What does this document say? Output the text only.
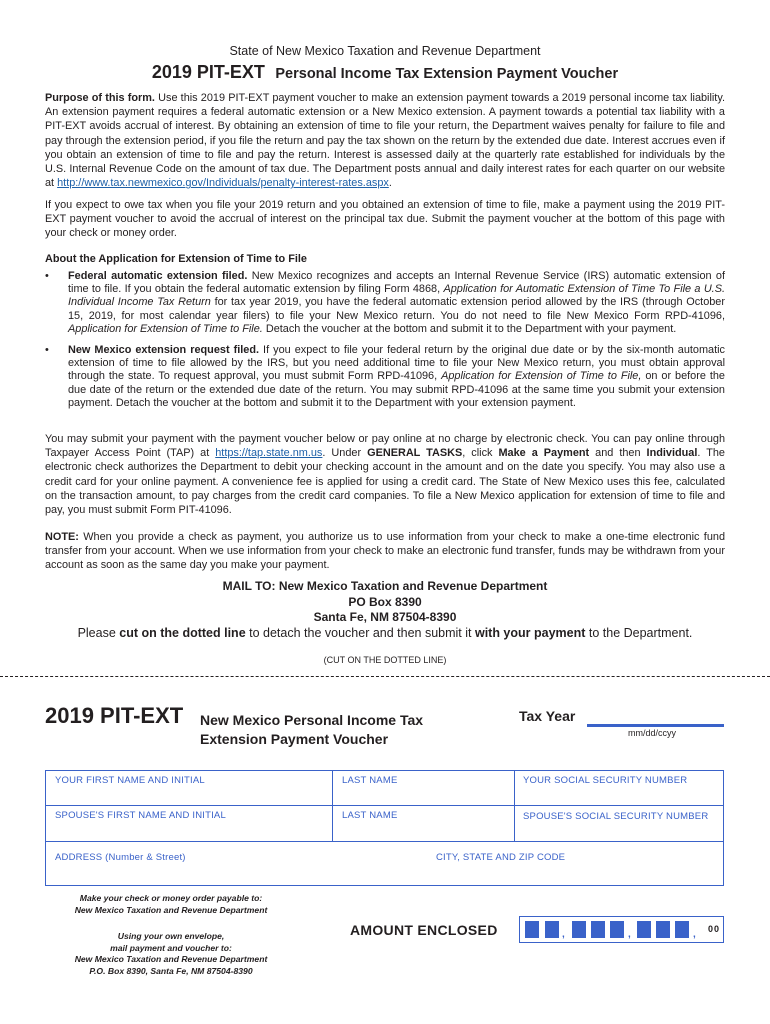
State of New Mexico Taxation and Revenue Department
2019 PIT-EXT Personal Income Tax Extension Payment Voucher
Purpose of this form. Use this 2019 PIT-EXT payment voucher to make an extension payment towards a 2019 personal income tax liability. An extension payment requires a federal automatic extension or a New Mexico extension. A payment towards a potential tax liability with a PIT-EXT avoids accrual of interest. By obtaining an extension of time to file your return, the Department waives penalty for failure to file and pay through the extension period, if you file the return and pay the tax shown on the return by the extended due date. Interest accrues even if you obtain an extension of time to file and pay the return. Interest is assessed daily at the quarterly rate established for individuals by the U.S. Internal Revenue Code on the amount of tax due. The Department posts annual and daily interest rates for each quarter on our website at http://www.tax.newmexico.gov/Individuals/penalty-interest-rates.aspx.
If you expect to owe tax when you file your 2019 return and you obtained an extension of time to file, make a payment using the 2019 PIT-EXT payment voucher to avoid the accrual of interest on the principal tax due. Submit the payment voucher at the bottom of this page with your check or money order.
About the Application for Extension of Time to File
• Federal automatic extension filed. New Mexico recognizes and accepts an Internal Revenue Service (IRS) automatic extension of time to file. If you obtain the federal automatic extension by filing Form 4868, Application for Automatic Extension of Time To File a U.S. Individual Income Tax Return for tax year 2019, you have the federal automatic extension period allowed by the IRS (through October 15, 2019, for most calendar year filers) to file your New Mexico return. You do not need to file New Mexico Form RPD-41096, Application for Extension of Time to File. Detach the voucher at the bottom and submit it to the Department with your payment.
• New Mexico extension request filed. If you expect to file your federal return by the original due date or by the six-month automatic extension of time to file allowed by the IRS, but you need additional time to file your New Mexico return, you must obtain approval through the state. To request approval, you must submit Form RPD-41096, Application for Extension of Time to File, on or before the due date of the return or the extended due date of the return. You may submit RPD-41096 at the same time you submit your extension payment. Detach the voucher at the bottom and submit it to the Department with your extension payment.
You may submit your payment with the payment voucher below or pay online at no charge by electronic check. You can pay online through Taxpayer Access Point (TAP) at https://tap.state.nm.us. Under GENERAL TASKS, click Make a Payment and then Individual. The electronic check authorizes the Department to debit your checking account in the amount and on the date you specify. You may also use a credit card for your online payment. A convenience fee is applied for using a credit card. The State of New Mexico uses this fee, calculated on the transaction amount, to pay charges from the credit card companies. To file a New Mexico application for extension of time to file and pay, you must submit Form PIT-41096.
NOTE: When you provide a check as payment, you authorize us to use information from your check to make a one-time electronic fund transfer from your account. When we use information from your check to make an electronic fund transfer, funds may be withdrawn from your account as soon as the same day you make your payment.
MAIL TO: New Mexico Taxation and Revenue Department
PO Box 8390
Santa Fe, NM 87504-8390
Please cut on the dotted line to detach the voucher and then submit it with your payment to the Department.
(CUT ON THE DOTTED LINE)
2019 PIT-EXT New Mexico Personal Income Tax
Extension Payment Voucher
Tax Year
mm/dd/ccyy
YOUR FIRST NAME AND INITIAL	LAST NAME	YOUR SOCIAL SECURITY NUMBER
SPOUSE'S FIRST NAME AND INITIAL	LAST NAME	SPOUSE'S SOCIAL SECURITY NUMBER
ADDRESS (Number & Street)	CITY, STATE AND ZIP CODE
Make your check or money order payable to:
New Mexico Taxation and Revenue Department
Using your own envelope,
mail payment and voucher to:
New Mexico Taxation and Revenue Department
P.O. Box 8390, Santa Fe, NM 87504-8390
AMOUNT ENCLOSED	,	,	, 00
